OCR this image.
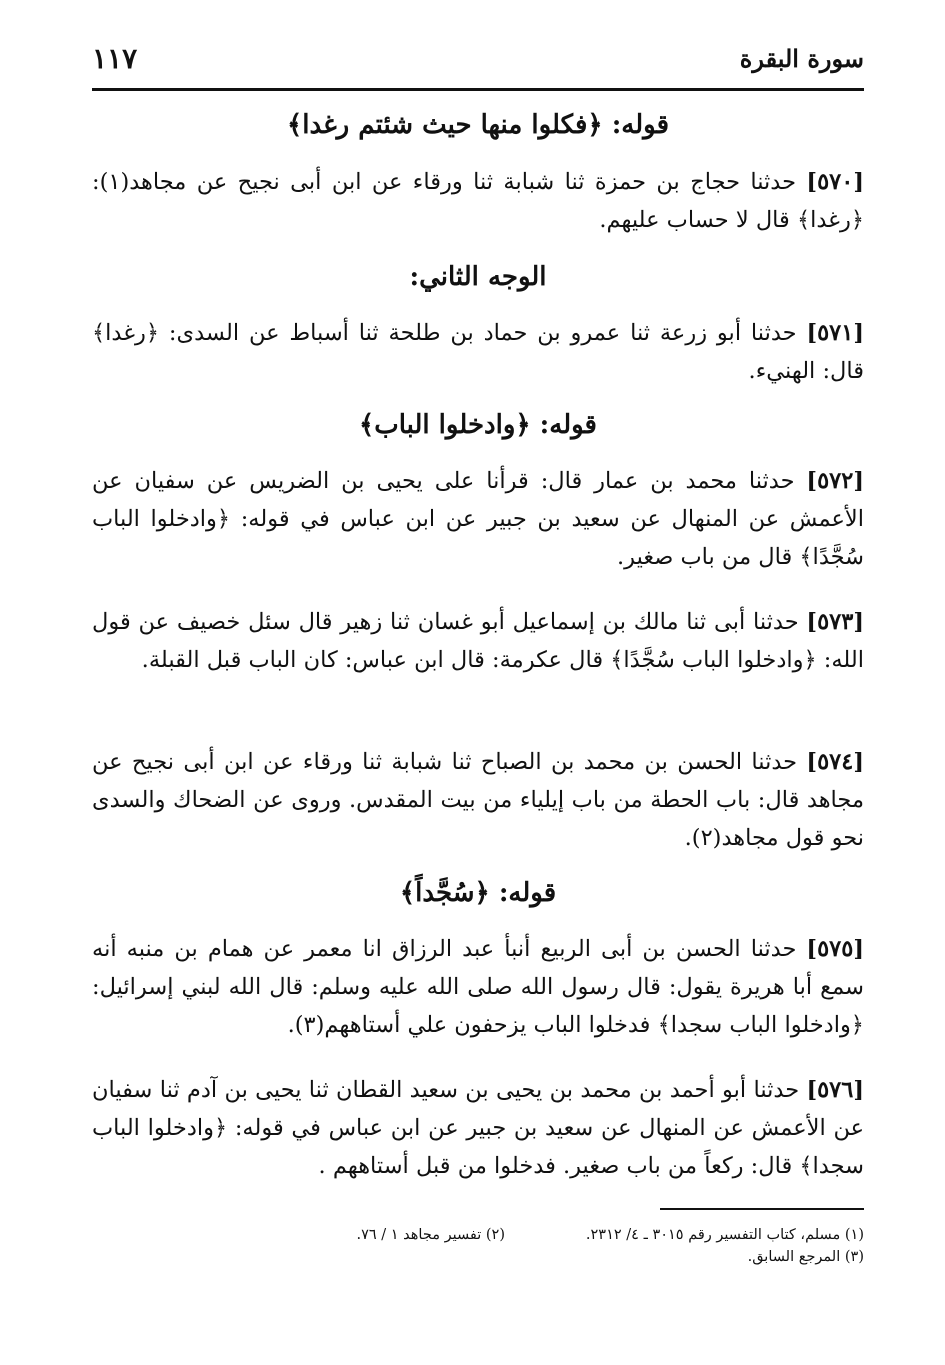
سورة البقرة
١١٧
قوله: ﴿فكلوا منها حيث شئتم رغدا﴾
[٥٧٠] حدثنا حجاج بن حمزة ثنا شبابة ثنا ورقاء عن ابن أبى نجيح عن مجاهد(١): ﴿رغدا﴾ قال لا حساب عليهم.
الوجه الثاني:
[٥٧١] حدثنا أبو زرعة ثنا عمرو بن حماد بن طلحة ثنا أسباط عن السدى: ﴿رغدا﴾ قال: الهنيء.
قوله: ﴿وادخلوا الباب﴾
[٥٧٢] حدثنا محمد بن عمار قال: قرأنا على يحيى بن الضريس عن سفيان عن الأعمش عن المنهال عن سعيد بن جبير عن ابن عباس في قوله: ﴿وادخلوا الباب سُجَّدًا﴾ قال من باب صغير.
[٥٧٣] حدثنا أبى ثنا مالك بن إسماعيل أبو غسان ثنا زهير قال سئل خصيف عن قول الله: ﴿وادخلوا الباب سُجَّدًا﴾ قال عكرمة: قال ابن عباس: كان الباب قبل القبلة.
[٥٧٤] حدثنا الحسن بن محمد بن الصباح ثنا شبابة ثنا ورقاء عن ابن أبى نجيح عن مجاهد قال: باب الحطة من باب إيلياء من بيت المقدس. وروى عن الضحاك والسدى نحو قول مجاهد(٢).
قوله: ﴿سُجَّداً﴾
[٥٧٥] حدثنا الحسن بن أبى الربيع أنبأ عبد الرزاق انا معمر عن همام بن منبه أنه سمع أبا هريرة يقول: قال رسول الله صلى الله عليه وسلم: قال الله لبني إسرائيل: ﴿وادخلوا الباب سجدا﴾ فدخلوا الباب يزحفون علي أستاههم(٣).
[٥٧٦] حدثنا أبو أحمد بن محمد بن يحيى بن سعيد القطان ثنا يحيى بن آدم ثنا سفيان عن الأعمش عن المنهال عن سعيد بن جبير عن ابن عباس في قوله: ﴿وادخلوا الباب سجدا﴾ قال: ركعاً من باب صغير. فدخلوا من قبل أستاههم .
(١) مسلم، كتاب التفسير رقم ٣٠١٥ ـ ٤/ ٢٣١٢.
(٢) تفسير مجاهد ١ / ٧٦.
(٣) المرجع السابق.
